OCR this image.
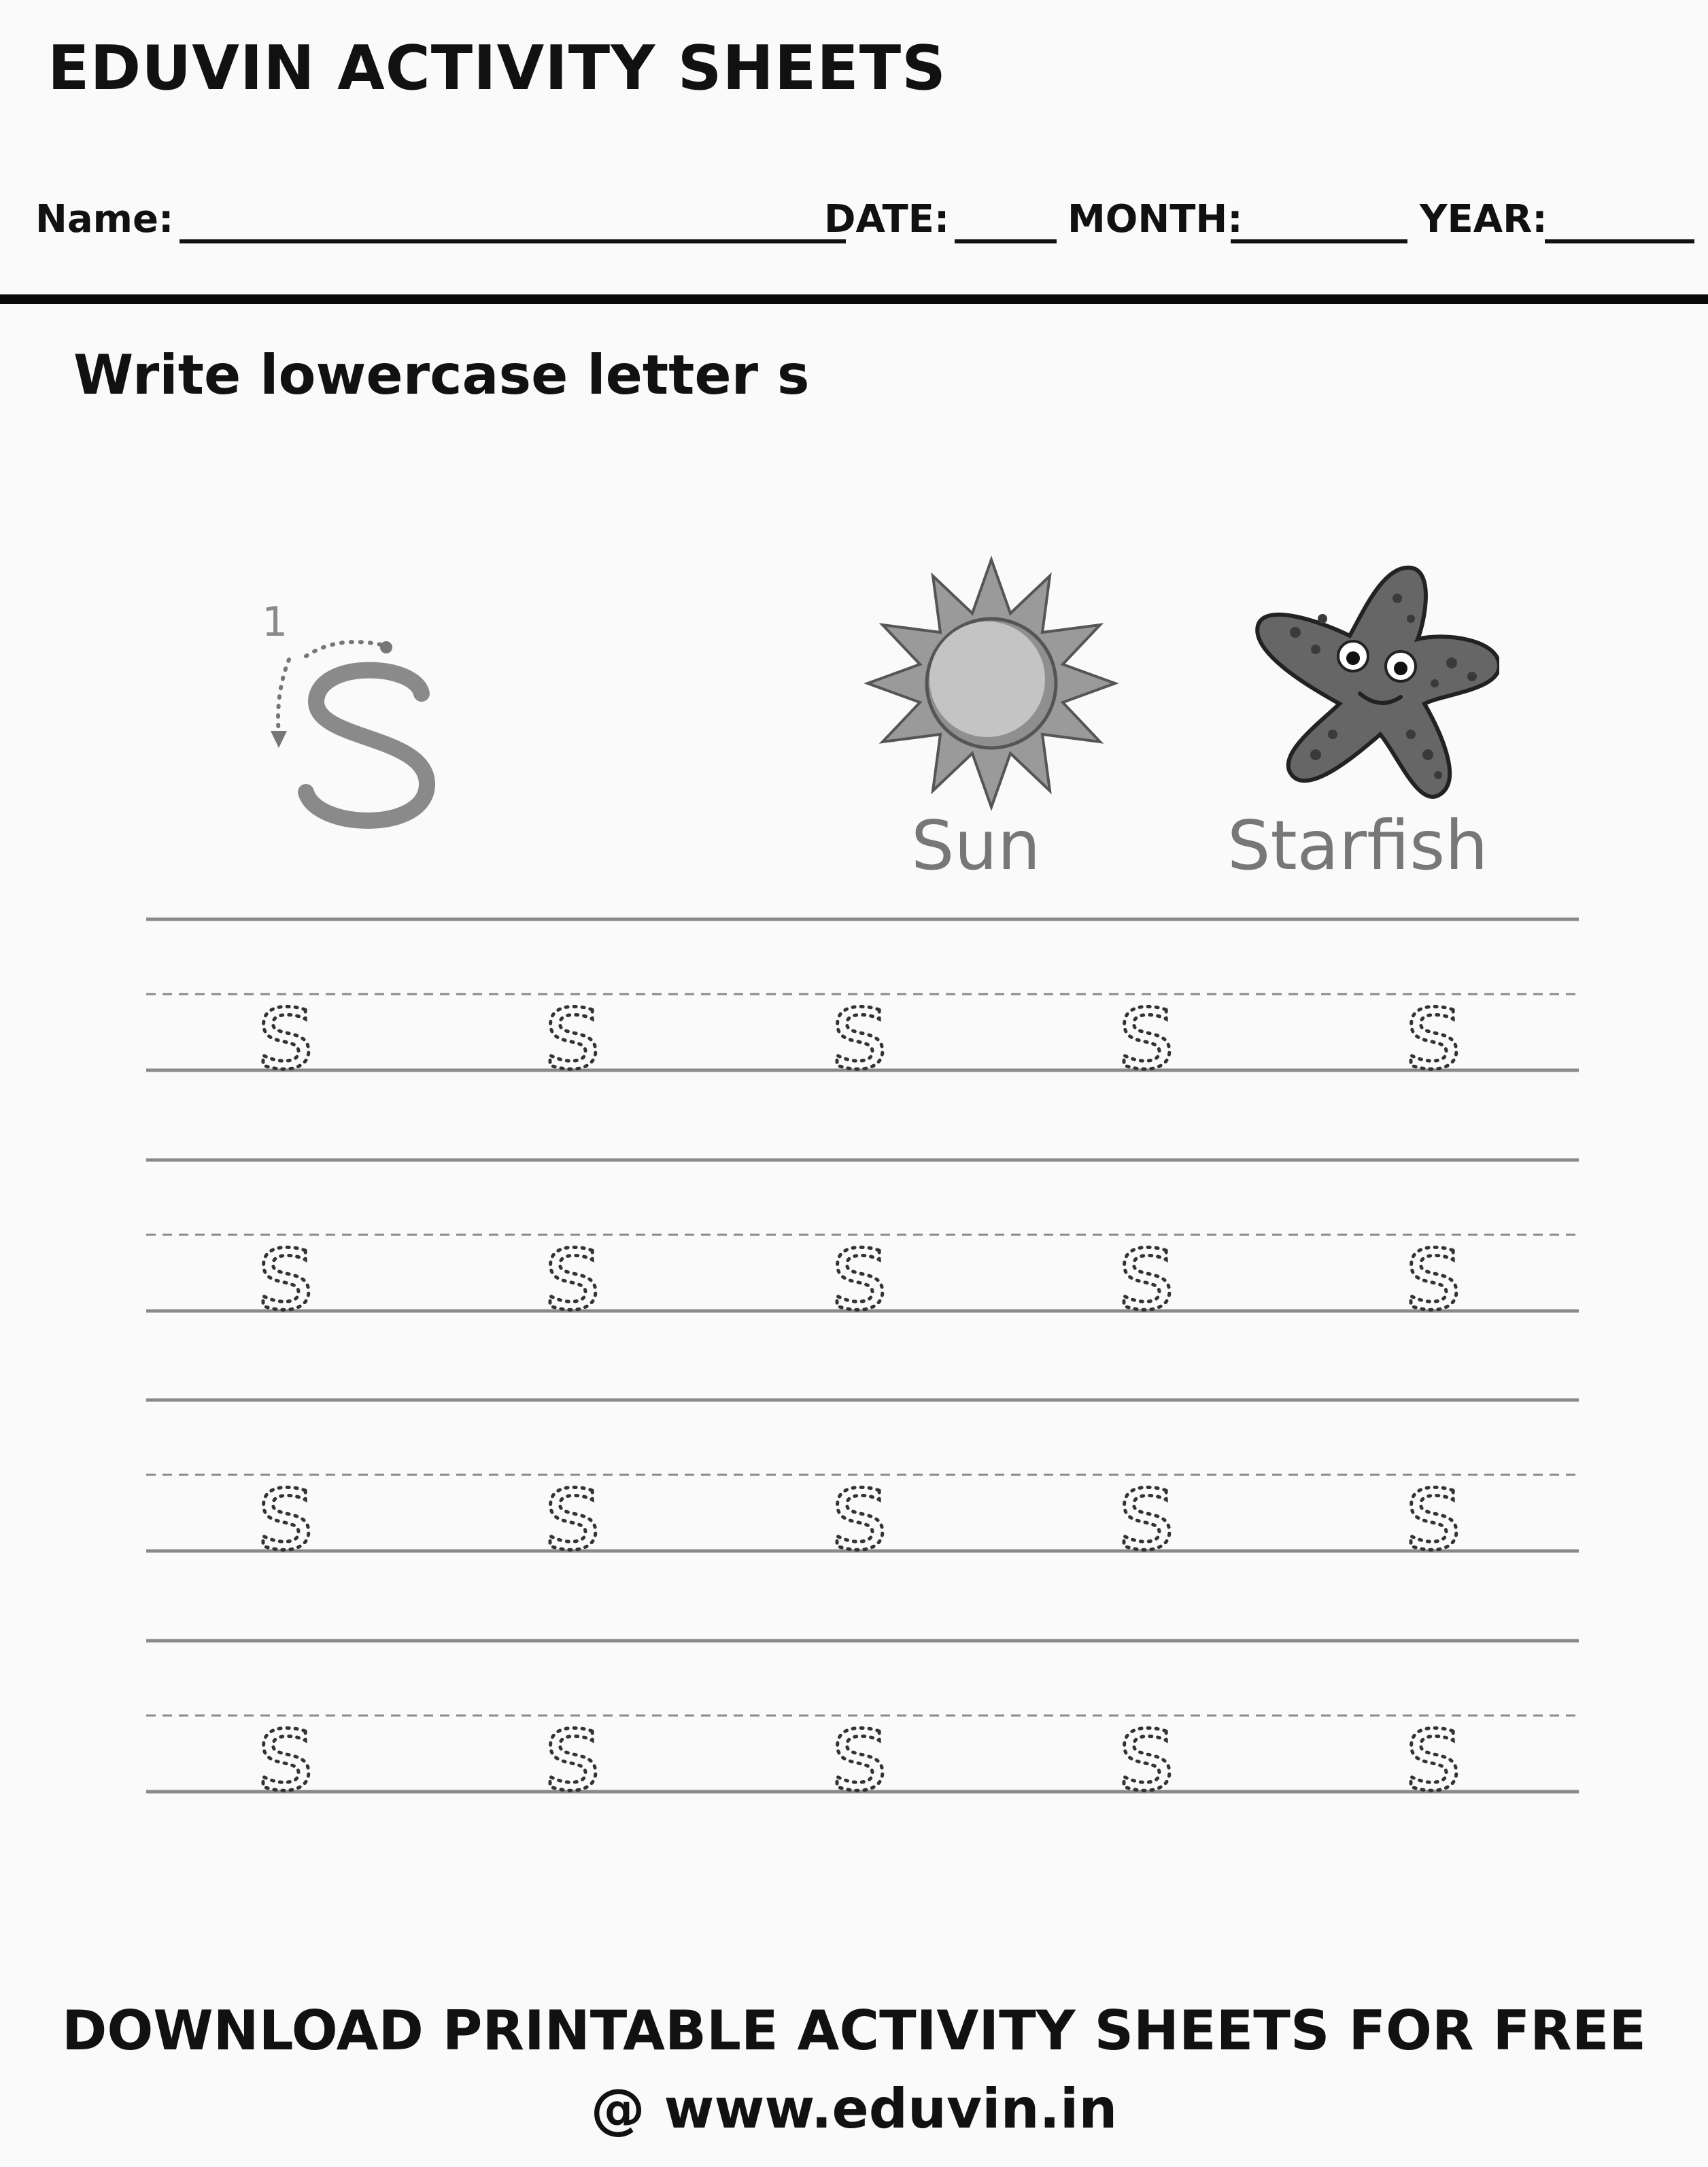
EDUVIN ACTIVITY SHEETS
Name:	DATE:	MONTH:	YEAR:
Write lowercase letter s
1
Sun	Starfish
s s s s s
s s s s s
s s s s s
s s s s s
DOWNLOAD PRINTABLE ACTIVITY SHEETS FOR FREE
@ www.eduvin.in
